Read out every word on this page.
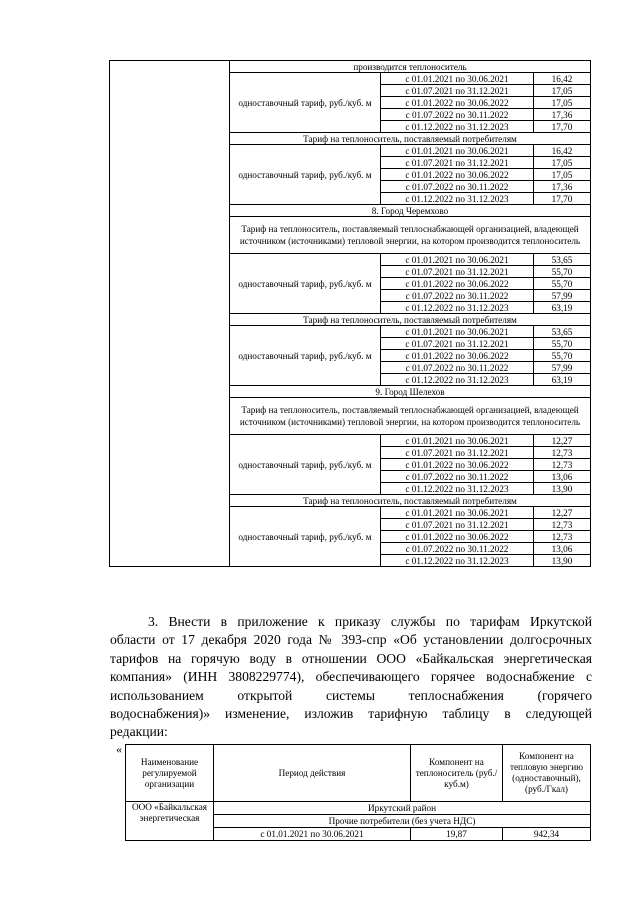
	производится теплоноситель		
	одноставочный тариф, руб./куб. м	с 01.01.2021 по 30.06.2021	16,42
		с 01.07.2021 по 31.12.2021	17,05
		с 01.01.2022 по 30.06.2022	17,05
		с 01.07.2022 по 30.11.2022	17,36
		с 01.12.2022 по 31.12.2023	17,70
	Тариф на теплоноситель, поставляемый потребителям		
	одноставочный тариф, руб./куб. м	с 01.01.2021 по 30.06.2021	16,42
		с 01.07.2021 по 31.12.2021	17,05
		с 01.01.2022 по 30.06.2022	17,05
		с 01.07.2022 по 30.11.2022	17,36
		с 01.12.2022 по 31.12.2023	17,70
	8. Город Черемхово		
	Тариф на теплоноситель, поставляемый теплоснабжающей организацией, владеющей источником (источниками) тепловой энергии, на котором производится теплоноситель		
	одноставочный тариф, руб./куб. м	с 01.01.2021 по 30.06.2021	53,65
		с 01.07.2021 по 31.12.2021	55,70
		с 01.01.2022 по 30.06.2022	55,70
		с 01.07.2022 по 30.11.2022	57,99
		с 01.12.2022 по 31.12.2023	63,19
	Тариф на теплоноситель, поставляемый потребителям		
	одноставочный тариф, руб./куб. м	с 01.01.2021 по 30.06.2021	53,65
		с 01.07.2021 по 31.12.2021	55,70
		с 01.01.2022 по 30.06.2022	55,70
		с 01.07.2022 по 30.11.2022	57,99
		с 01.12.2022 по 31.12.2023	63,19
	9. Город Шелехов		
	Тариф на теплоноситель, поставляемый теплоснабжающей организацией, владеющей источником (источниками) тепловой энергии, на котором производится теплоноситель		
	одноставочный тариф, руб./куб. м	с 01.01.2021 по 30.06.2021	12,27
		с 01.07.2021 по 31.12.2021	12,73
		с 01.01.2022 по 30.06.2022	12,73
		с 01.07.2022 по 30.11.2022	13,06
		с 01.12.2022 по 31.12.2023	13,90
	Тариф на теплоноситель, поставляемый потребителям		
	одноставочный тариф, руб./куб. м	с 01.01.2021 по 30.06.2021	12,27
		с 01.07.2021 по 31.12.2021	12,73
		с 01.01.2022 по 30.06.2022	12,73
		с 01.07.2022 по 30.11.2022	13,06
		с 01.12.2022 по 31.12.2023	13,90
3. Внести в приложение к приказу службы по тарифам Иркутской
области от 17 декабря 2020 года № 393-спр «Об установлении долгосрочных
тарифов на горячую воду в отношении ООО «Байкальская энергетическая
компания» (ИНН 3808229774), обеспечивающего горячее водоснабжение с
использованием открытой системы теплоснабжения (горячего
водоснабжения)» изменение, изложив тарифную таблицу в следующей
редакции:
«
Наименование регулируемой организации	Период действия	Компонент на теплоноситель (руб./куб.м)	Компонент на тепловую энергию (одноставочный), (руб./Гкал)
ООО «Байкальская энергетическая	Иркутский район		
	Прочие потребители (без учета НДС)		
	с 01.01.2021 по 30.06.2021	19,87	942,34
